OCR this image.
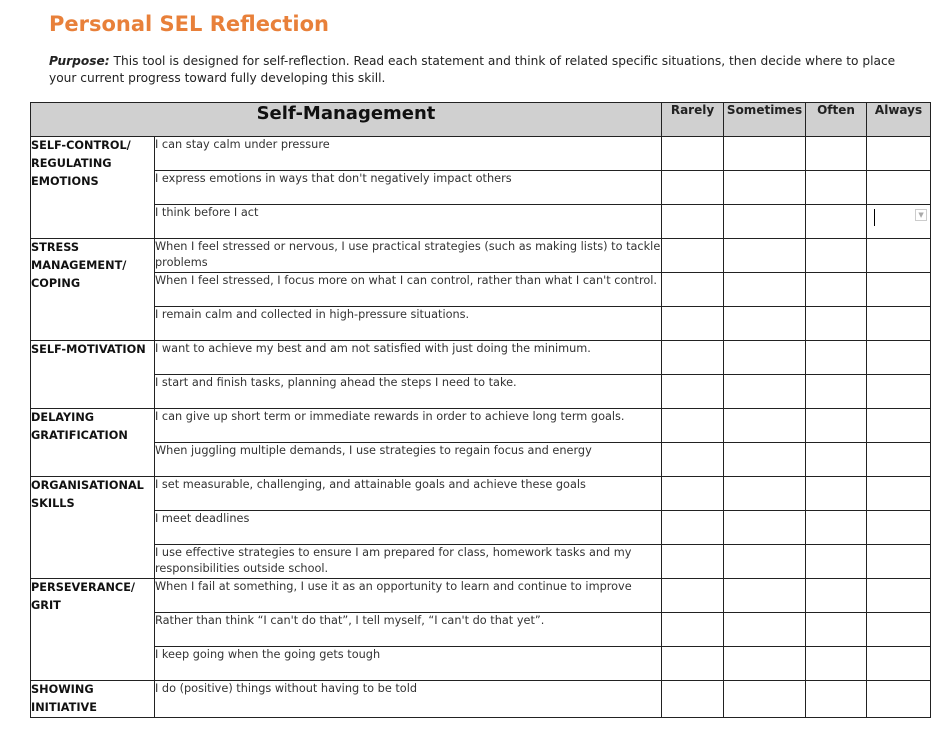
Personal SEL Reflection

Purpose: This tool is designed for self-reflection. Read each statement and think of related specific situations, then decide where to place your current progress toward fully developing this skill.

Self-Management		Rarely	Sometimes	Often	Always
SELF-CONTROL/ REGULATING EMOTIONS	I can stay calm under pressure				
	I express emotions in ways that don't negatively impact others				
	I think before I act				▼

STRESS MANAGEMENT/ COPING	When I feel stressed or nervous, I use practical strategies (such as making lists) to tackle problems				
	When I feel stressed, I focus more on what I can control, rather than what I can't control.				
	I remain calm and collected in high-pressure situations.				
SELF-MOTIVATION	I want to achieve my best and am not satisfied with just doing the minimum.				
	I start and finish tasks, planning ahead the steps I need to take.				
DELAYING GRATIFICATION	I can give up short term or immediate rewards in order to achieve long term goals.				
	When juggling multiple demands, I use strategies to regain focus and energy				
ORGANISATIONAL SKILLS	I set measurable, challenging, and attainable goals and achieve these goals				
	I meet deadlines				
	I use effective strategies to ensure I am prepared for class, homework tasks and my responsibilities outside school.				
PERSEVERANCE/ GRIT	When I fail at something, I use it as an opportunity to learn and continue to improve				
	Rather than think “I can't do that”, I tell myself, “I can't do that yet”.				
	I keep going when the going gets tough				
SHOWING INITIATIVE	I do (positive) things without having to be told				
